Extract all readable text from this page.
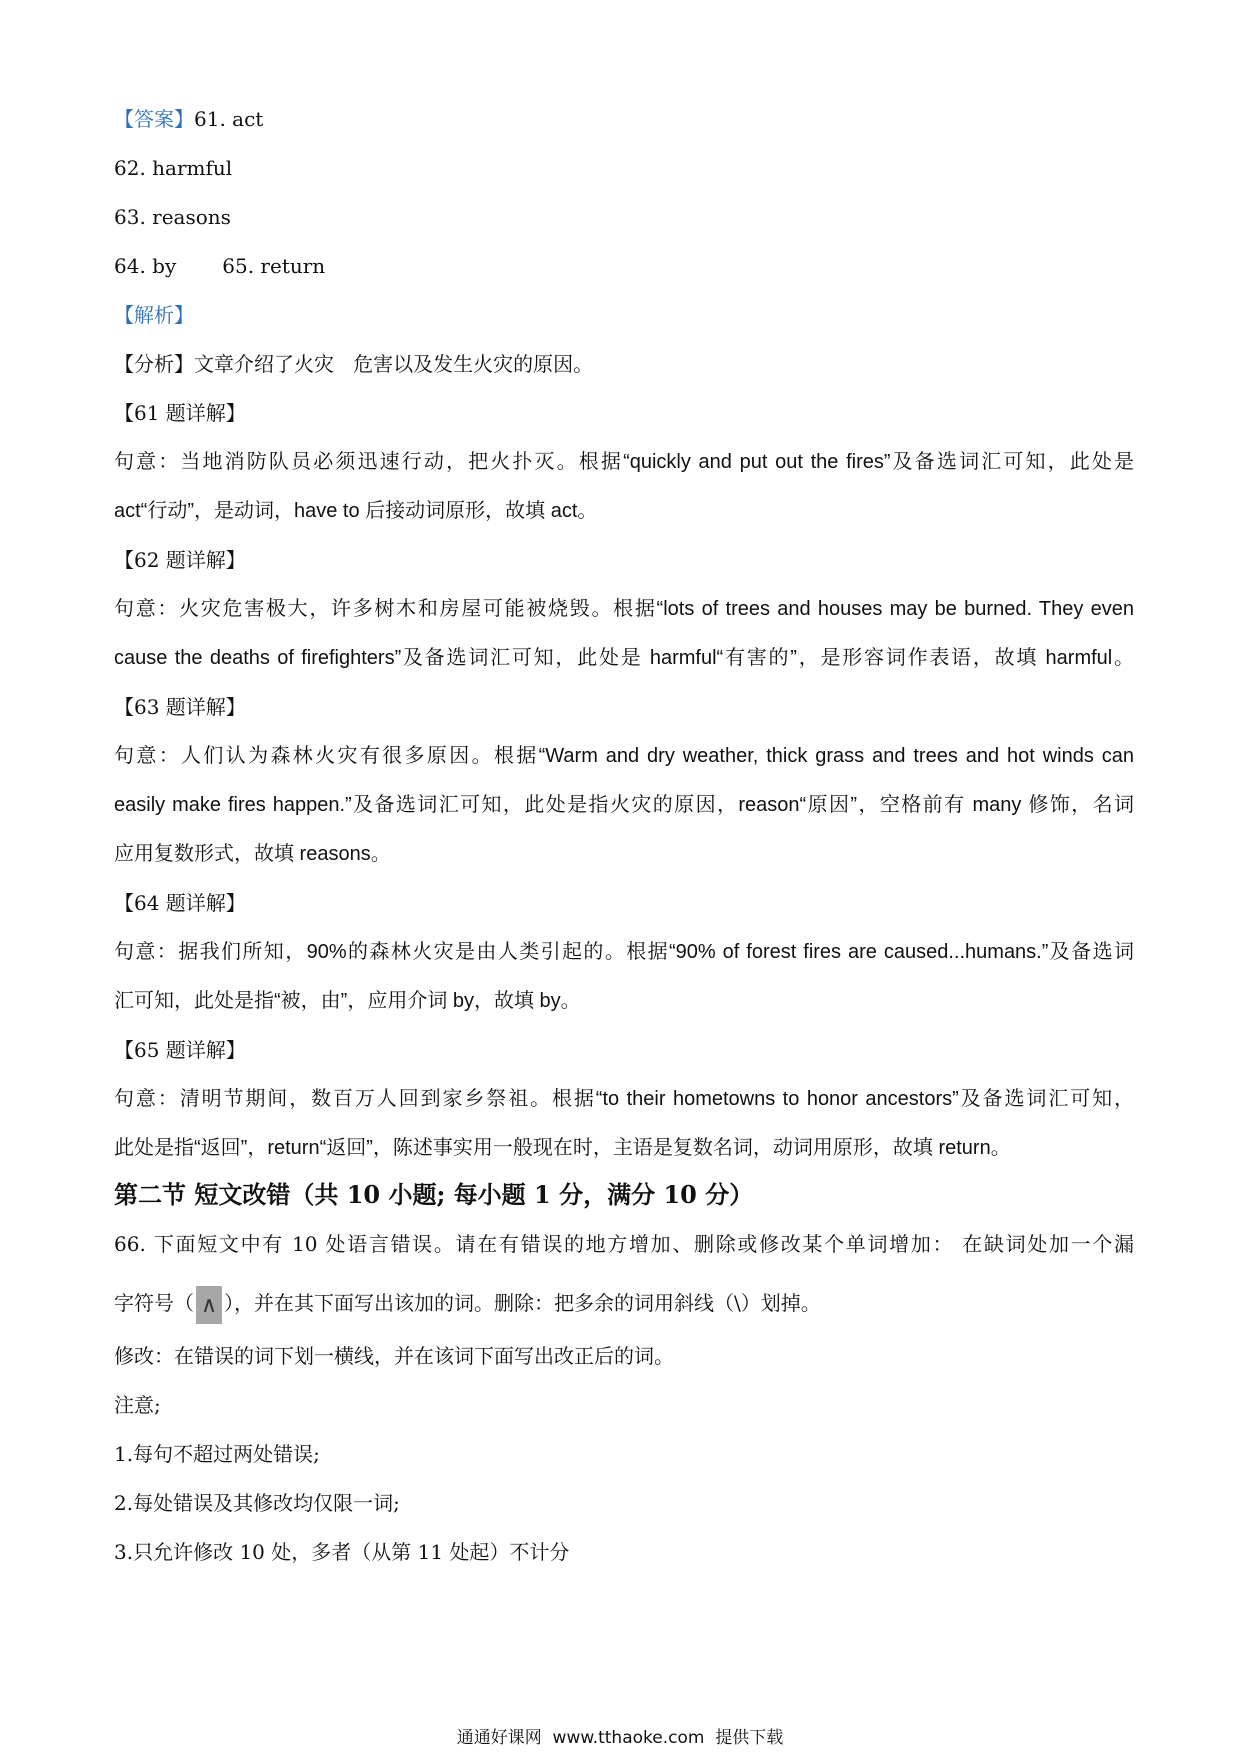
【答案】61. act
62. harmful
63. reasons
64. by 65. return
【解析】
【分析】文章介绍了火灾   危害以及发生火灾的原因。
【61 题详解】
句意：当地消防队员必须迅速行动，把火扑灭。根据“quickly and put out the fires”及备选词汇可知，此处是
act“行动”，是动词，have to 后接动词原形，故填 act。
【62 题详解】
句意：火灾危害极大，许多树木和房屋可能被烧毁。根据“lots of trees and houses may be burned. They even
cause the deaths of firefighters”及备选词汇可知，此处是 harmful“有害的”，是形容词作表语，故填 harmful。
【63 题详解】
句意：人们认为森林火灾有很多原因。根据“Warm and dry weather, thick grass and trees and hot winds can
easily make fires happen.”及备选词汇可知，此处是指火灾的原因，reason“原因”，空格前有 many 修饰，名词
应用复数形式，故填 reasons。
【64 题详解】
句意：据我们所知，90%的森林火灾是由人类引起的。根据“90% of forest fires are caused...humans.”及备选词
汇可知，此处是指“被，由”，应用介词 by，故填 by。
【65 题详解】
句意：清明节期间，数百万人回到家乡祭祖。根据“to their hometowns to honor ancestors”及备选词汇可知，
此处是指“返回”，return“返回”，陈述事实用一般现在时，主语是复数名词，动词用原形，故填 return。
第二节 短文改错（共 10 小题; 每小题 1 分，满分 10 分）
66. 下面短文中有 10 处语言错误。请在有错误的地方增加、删除或修改某个单词增加： 在缺词处加一个漏
字符号（ ∧ ），并在其下面写出该加的词。删除：把多余的词用斜线（\）划掉。
修改：在错误的词下划一横线，并在该词下面写出改正后的词。
注意;
1.每句不超过两处错误;
2.每处错误及其修改均仅限一词;
3.只允许修改 10 处，多者（从第 11 处起）不计分
通通好课网  www.tthaoke.com  提供下载
